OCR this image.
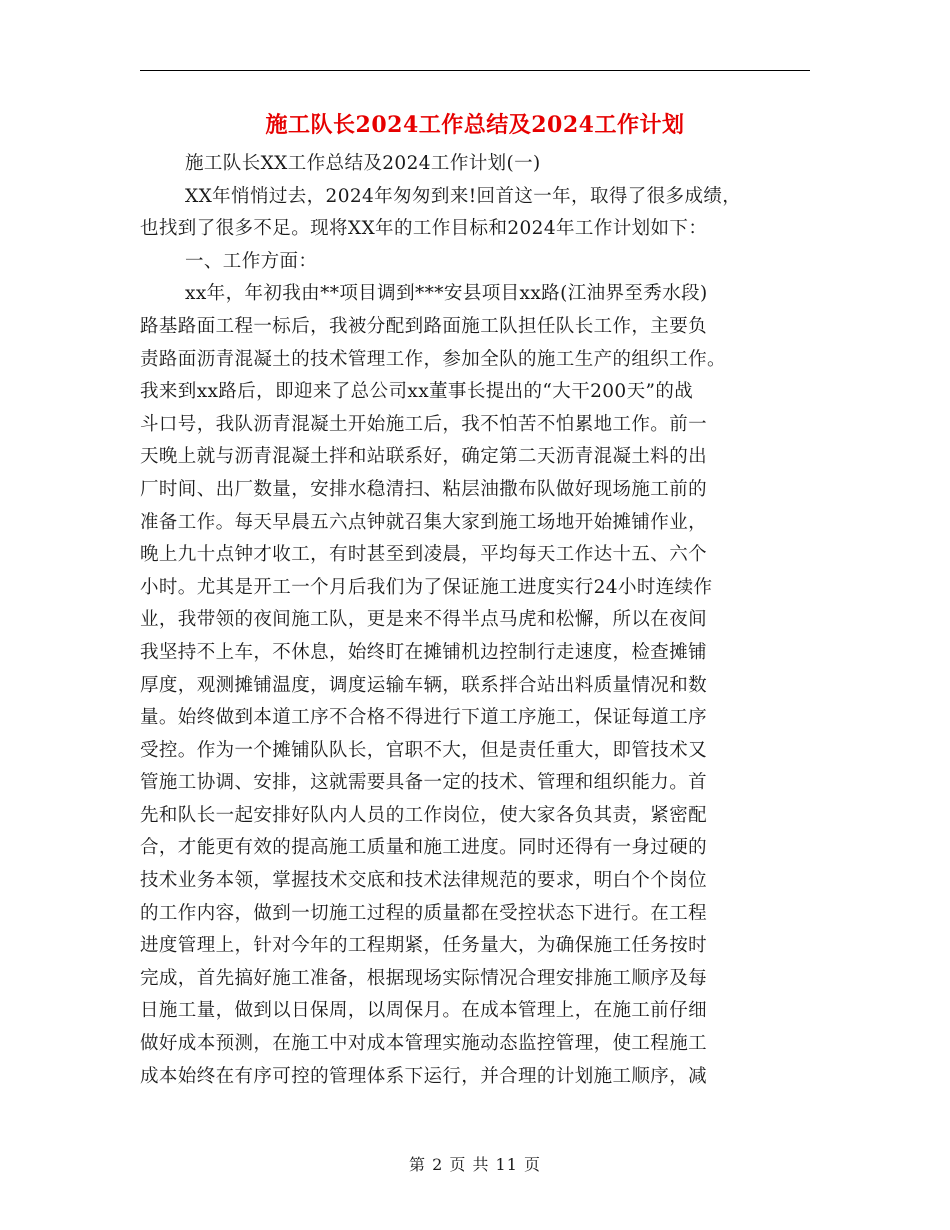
施工队长2024工作总结及2024工作计划
施工队长XX工作总结及2024工作计划(一)
XX年悄悄过去，2024年匆匆到来!回首这一年，取得了很多成绩，
也找到了很多不足。现将XX年的工作目标和2024年工作计划如下：
一、工作方面：
xx年，年初我由**项目调到***安县项目xx路(江油界至秀水段)
路基路面工程一标后，我被分配到路面施工队担任队长工作，主要负
责路面沥青混凝土的技术管理工作，参加全队的施工生产的组织工作。
我来到xx路后，即迎来了总公司xx董事长提出的“大干200天”的战
斗口号，我队沥青混凝土开始施工后，我不怕苦不怕累地工作。前一
天晚上就与沥青混凝土拌和站联系好，确定第二天沥青混凝土料的出
厂时间、出厂数量，安排水稳清扫、粘层油撒布队做好现场施工前的
准备工作。每天早晨五六点钟就召集大家到施工场地开始摊铺作业，
晚上九十点钟才收工，有时甚至到凌晨，平均每天工作达十五、六个
小时。尤其是开工一个月后我们为了保证施工进度实行24小时连续作
业，我带领的夜间施工队，更是来不得半点马虎和松懈，所以在夜间
我坚持不上车，不休息，始终盯在摊铺机边控制行走速度，检查摊铺
厚度，观测摊铺温度，调度运输车辆，联系拌合站出料质量情况和数
量。始终做到本道工序不合格不得进行下道工序施工，保证每道工序
受控。作为一个摊铺队队长，官职不大，但是责任重大，即管技术又
管施工协调、安排，这就需要具备一定的技术、管理和组织能力。首
先和队长一起安排好队内人员的工作岗位，使大家各负其责，紧密配
合，才能更有效的提高施工质量和施工进度。同时还得有一身过硬的
技术业务本领，掌握技术交底和技术法律规范的要求，明白个个岗位
的工作内容，做到一切施工过程的质量都在受控状态下进行。在工程
进度管理上，针对今年的工程期紧，任务量大，为确保施工任务按时
完成，首先搞好施工准备，根据现场实际情况合理安排施工顺序及每
日施工量，做到以日保周，以周保月。在成本管理上，在施工前仔细
做好成本预测，在施工中对成本管理实施动态监控管理，使工程施工
成本始终在有序可控的管理体系下运行，并合理的计划施工顺序，减
第 2 页 共 11 页
